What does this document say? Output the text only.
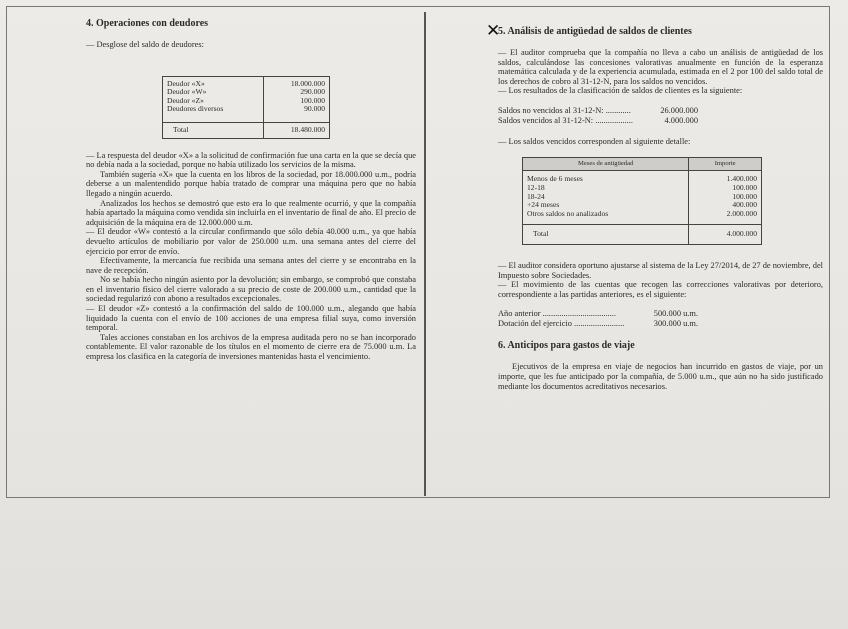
4. Operaciones con deudores

— Desglose del saldo de deudores:

Deudor «X»	18.000.000
Deudor «W»	290.000
Deudor «Z»	100.000
Deudores diversos	90.000
Total	18.480.000

— La respuesta del deudor «X» a la solicitud de confirmación fue una carta en la que se decía que no debía nada a la sociedad, porque no había utilizado los servicios de la misma.

También sugería «X» que la cuenta en los libros de la sociedad, por 18.000.000 u.m., podría deberse a un malentendido porque había tratado de comprar una máquina pero que no había llegado a ningún acuerdo.

Analizados los hechos se demostró que esto era lo que realmente ocurrió, y que la compañía había apartado la máquina como vendida sin incluirla en el inventario de final de año. El precio de adquisición de la máquina era de 12.000.000 u.m.

— El deudor «W» contestó a la circular confirmando que sólo debía 40.000 u.m., ya que había devuelto artículos de mobiliario por valor de 250.000 u.m. una semana antes del cierre del ejercicio por error de envío.

Efectivamente, la mercancía fue recibida una semana antes del cierre y se encontraba en la nave de recepción.

No se había hecho ningún asiento por la devolución; sin embargo, se comprobó que constaba en el inventario físico del cierre valorado a su precio de coste de 200.000 u.m., cantidad que la sociedad regularizó con abono a resultados excepcionales.

— El deudor «Z» contestó a la confirmación del saldo de 100.000 u.m., alegando que había liquidado la cuenta con el envío de 100 acciones de una empresa filial suya, como inversión temporal.

Tales acciones constaban en los archivos de la empresa auditada pero no se han incorporado contablemente. El valor razonable de los títulos en el momento de cierre era de 75.000 u.m. La empresa los clasifica en la categoría de inversiones mantenidas hasta el vencimiento.

✕
5. Análisis de antigüedad de saldos de clientes

— El auditor comprueba que la compañía no lleva a cabo un análisis de antigüedad de los saldos, calculándose las concesiones valorativas anualmente en función de la esperanza matemática calculada y de la experiencia acumulada, estimada en el 2 por 100 del saldo total de los derechos de cobro al 31-12-N, para los saldos no vencidos.

— Los resultados de la clasificación de saldos de clientes es la siguiente:

Saldos no vencidos al 31-12-N: ............	26.000.000
Saldos vencidos al 31-12-N: ..................	4.000.000

— Los saldos vencidos corresponden al siguiente detalle:

Meses de antigüedad	Importe
Menos de 6 meses	1.400.000
12-18	100.000
18-24	100.000
+24 meses	400.000
Otros saldos no analizados	2.000.000
Total	4.000.000

— El auditor considera oportuno ajustarse al sistema de la Ley 27/2014, de 27 de noviembre, del Impuesto sobre Sociedades.

— El movimiento de las cuentas que recogen las correcciones valorativas por deterioro, correspondiente a las partidas anteriores, es el siguiente:

Año anterior ...................................	500.000 u.m.
Dotación del ejercicio ........................	300.000 u.m.
6. Anticipos para gastos de viaje

Ejecutivos de la empresa en viaje de negocios han incurrido en gastos de viaje, por un importe, que les fue anticipado por la compañía, de 5.000 u.m., que aún no ha sido justificado mediante los documentos acreditativos necesarios.
